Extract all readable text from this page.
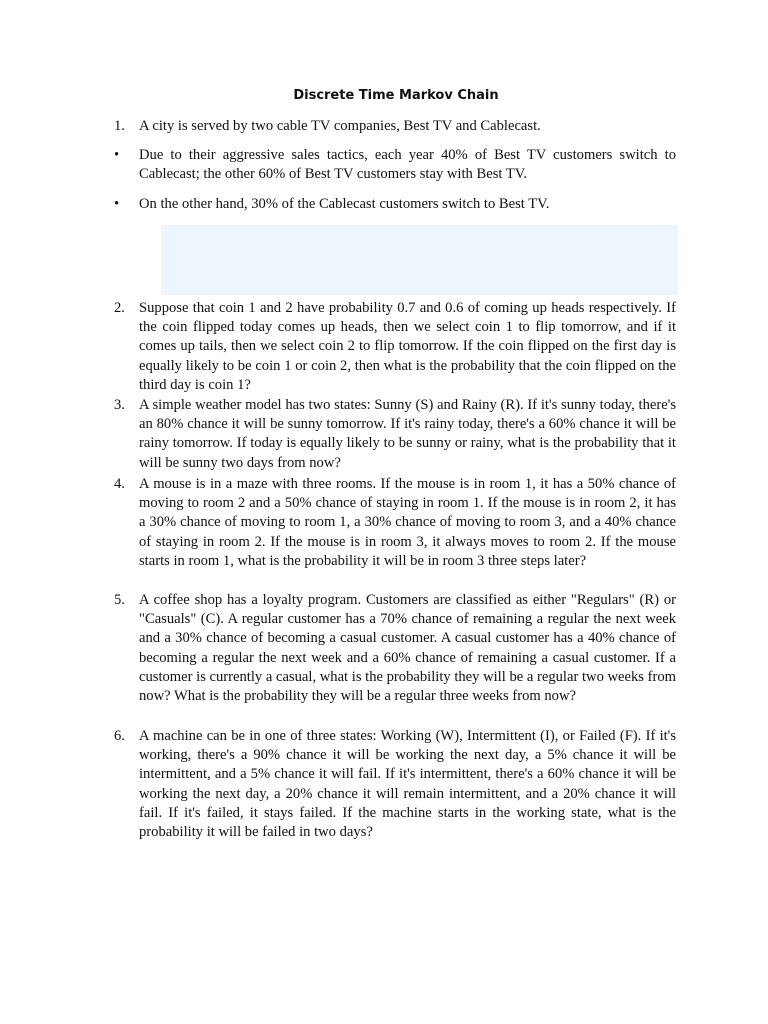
Discrete Time Markov Chain
1. A city is served by two cable TV companies, Best TV and Cablecast.
• Due to their aggressive sales tactics, each year 40% of Best TV customers switch to Cablecast; the other 60% of Best TV customers stay with Best TV.
• On the other hand, 30% of the Cablecast customers switch to Best TV.
2. Suppose that coin 1 and 2 have probability 0.7 and 0.6 of coming up heads respectively. If the coin flipped today comes up heads, then we select coin 1 to flip tomorrow, and if it comes up tails, then we select coin 2 to flip tomorrow. If the coin flipped on the first day is equally likely to be coin 1 or coin 2, then what is the probability that the coin flipped on the third day is coin 1?
3. A simple weather model has two states: Sunny (S) and Rainy (R). If it's sunny today, there's an 80% chance it will be sunny tomorrow. If it's rainy today, there's a 60% chance it will be rainy tomorrow. If today is equally likely to be sunny or rainy, what is the probability that it will be sunny two days from now?
4. A mouse is in a maze with three rooms. If the mouse is in room 1, it has a 50% chance of moving to room 2 and a 50% chance of staying in room 1. If the mouse is in room 2, it has a 30% chance of moving to room 1, a 30% chance of moving to room 3, and a 40% chance of staying in room 2. If the mouse is in room 3, it always moves to room 2. If the mouse starts in room 1, what is the probability it will be in room 3 three steps later?
5. A coffee shop has a loyalty program. Customers are classified as either "Regulars" (R) or "Casuals" (C). A regular customer has a 70% chance of remaining a regular the next week and a 30% chance of becoming a casual customer. A casual customer has a 40% chance of becoming a regular the next week and a 60% chance of remaining a casual customer. If a customer is currently a casual, what is the probability they will be a regular two weeks from now? What is the probability they will be a regular three weeks from now?
6. A machine can be in one of three states: Working (W), Intermittent (I), or Failed (F). If it's working, there's a 90% chance it will be working the next day, a 5% chance it will be intermittent, and a 5% chance it will fail. If it's intermittent, there's a 60% chance it will be working the next day, a 20% chance it will remain intermittent, and a 20% chance it will fail. If it's failed, it stays failed. If the machine starts in the working state, what is the probability it will be failed in two days?
